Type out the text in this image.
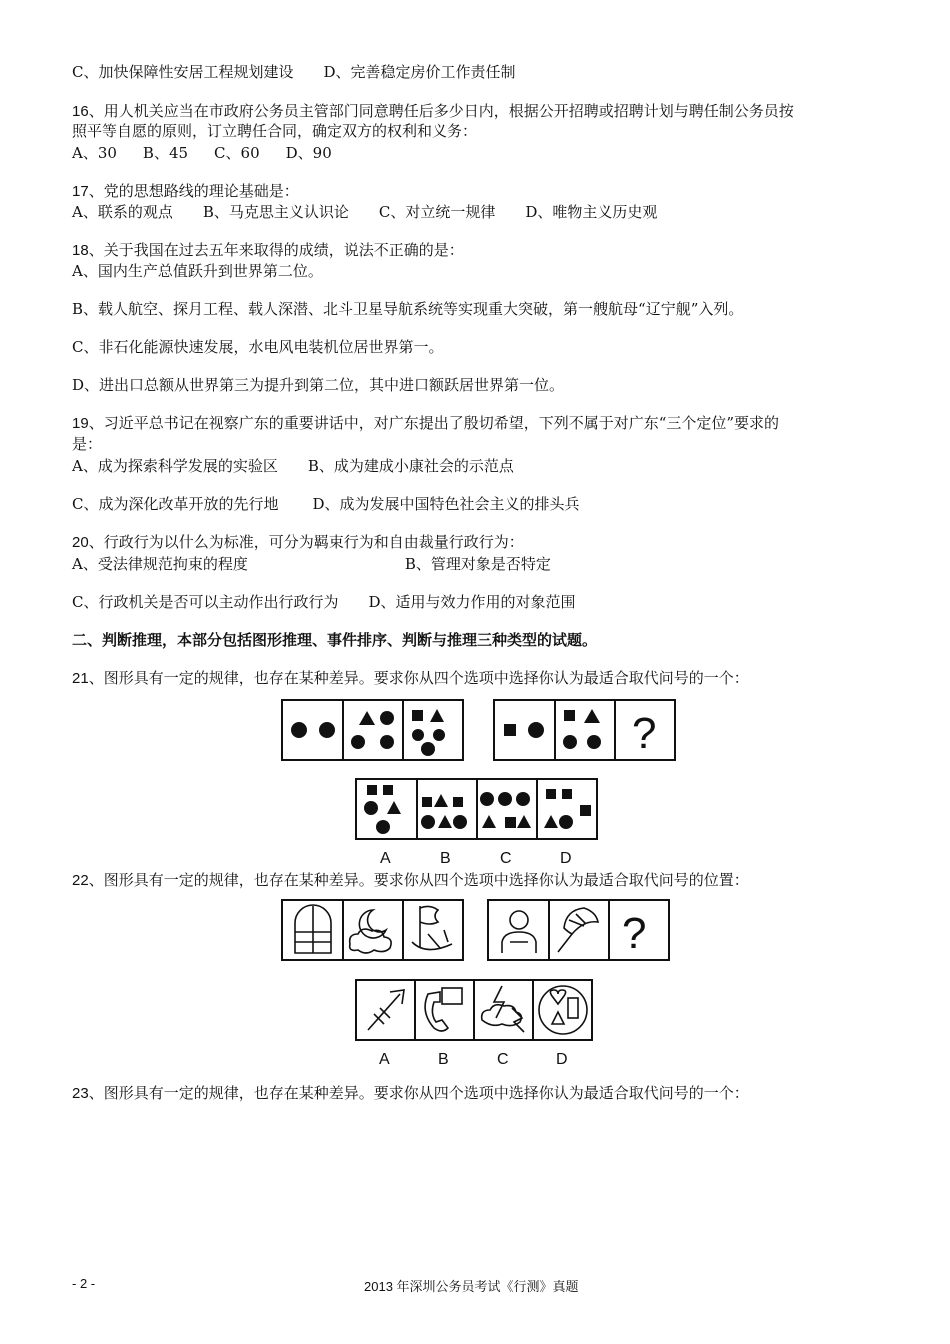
C、加快保障性安居工程规划建设 D、完善稳定房价工作责任制
16、用人机关应当在市政府公务员主管部门同意聘任后多少日内，根据公开招聘或招聘计划与聘任制公务员按
照平等自愿的原则，订立聘任合同，确定双方的权利和义务：
A、30 B、45 C、60 D、90
17、党的思想路线的理论基础是：
A、联系的观点 B、马克思主义认识论 C、对立统一规律 D、唯物主义历史观
18、关于我国在过去五年来取得的成绩，说法不正确的是：
A、国内生产总值跃升到世界第二位。
B、载人航空、探月工程、载人深潜、北斗卫星导航系统等实现重大突破，第一艘航母“辽宁舰”入列。
C、非石化能源快速发展，水电风电装机位居世界第一。
D、进出口总额从世界第三为提升到第二位，其中进口额跃居世界第一位。
19、习近平总书记在视察广东的重要讲话中，对广东提出了殷切希望，下列不属于对广东“三个定位”要求的
是：
A、成为探索科学发展的实验区 B、成为建成小康社会的示范点
C、成为深化改革开放的先行地 D、成为发展中国特色社会主义的排头兵
20、行政行为以什么为标准，可分为羁束行为和自由裁量行政行为：
A、受法律规范拘束的程度	B、管理对象是否特定
C、行政机关是否可以主动作出行政行为 D、适用与效力作用的对象范围
二、判断推理，本部分包括图形推理、事件排序、判断与推理三种类型的试题。
21、图形具有一定的规律，也存在某种差异。要求你从四个选项中选择你认为最适合取代问号的一个：
?
A	B	C	D
22、图形具有一定的规律，也存在某种差异。要求你从四个选项中选择你认为最适合取代问号的位置：
?
A	B	C	D
23、图形具有一定的规律，也存在某种差异。要求你从四个选项中选择你认为最适合取代问号的一个：
- 2 -	2013 年深圳公务员考试《行测》真题
